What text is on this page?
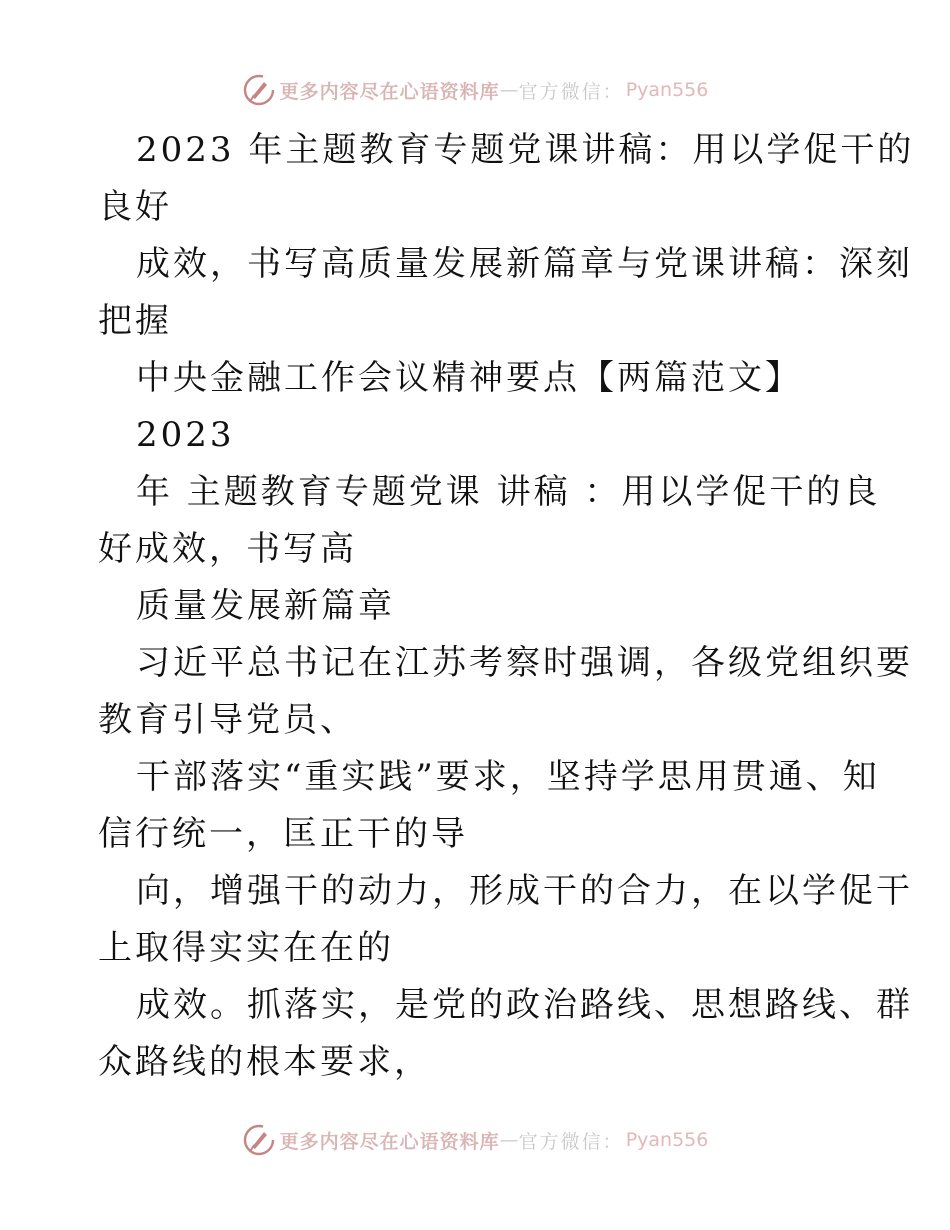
更多内容尽在心语资料库 — 官方微信： Pyan556
2023 年主题教育专题党课讲稿：用以学促干的
良好
成效，书写高质量发展新篇章与党课讲稿：深刻
把握
中央金融工作会议精神要点【两篇范文】
2023
年 主题教育专题党课 讲稿 ：用以学促干的良
好成效，书写高
质量发展新篇章
习近平总书记在江苏考察时强调，各级党组织要
教育引导党员、
干部落实“重实践”要求，坚持学思用贯通、知
信行统一，匡正干的导
向，增强干的动力，形成干的合力，在以学促干
上取得实实在在的
成效。抓落实，是党的政治路线、思想路线、群
众路线的根本要求，
更多内容尽在心语资料库 — 官方微信： Pyan556
